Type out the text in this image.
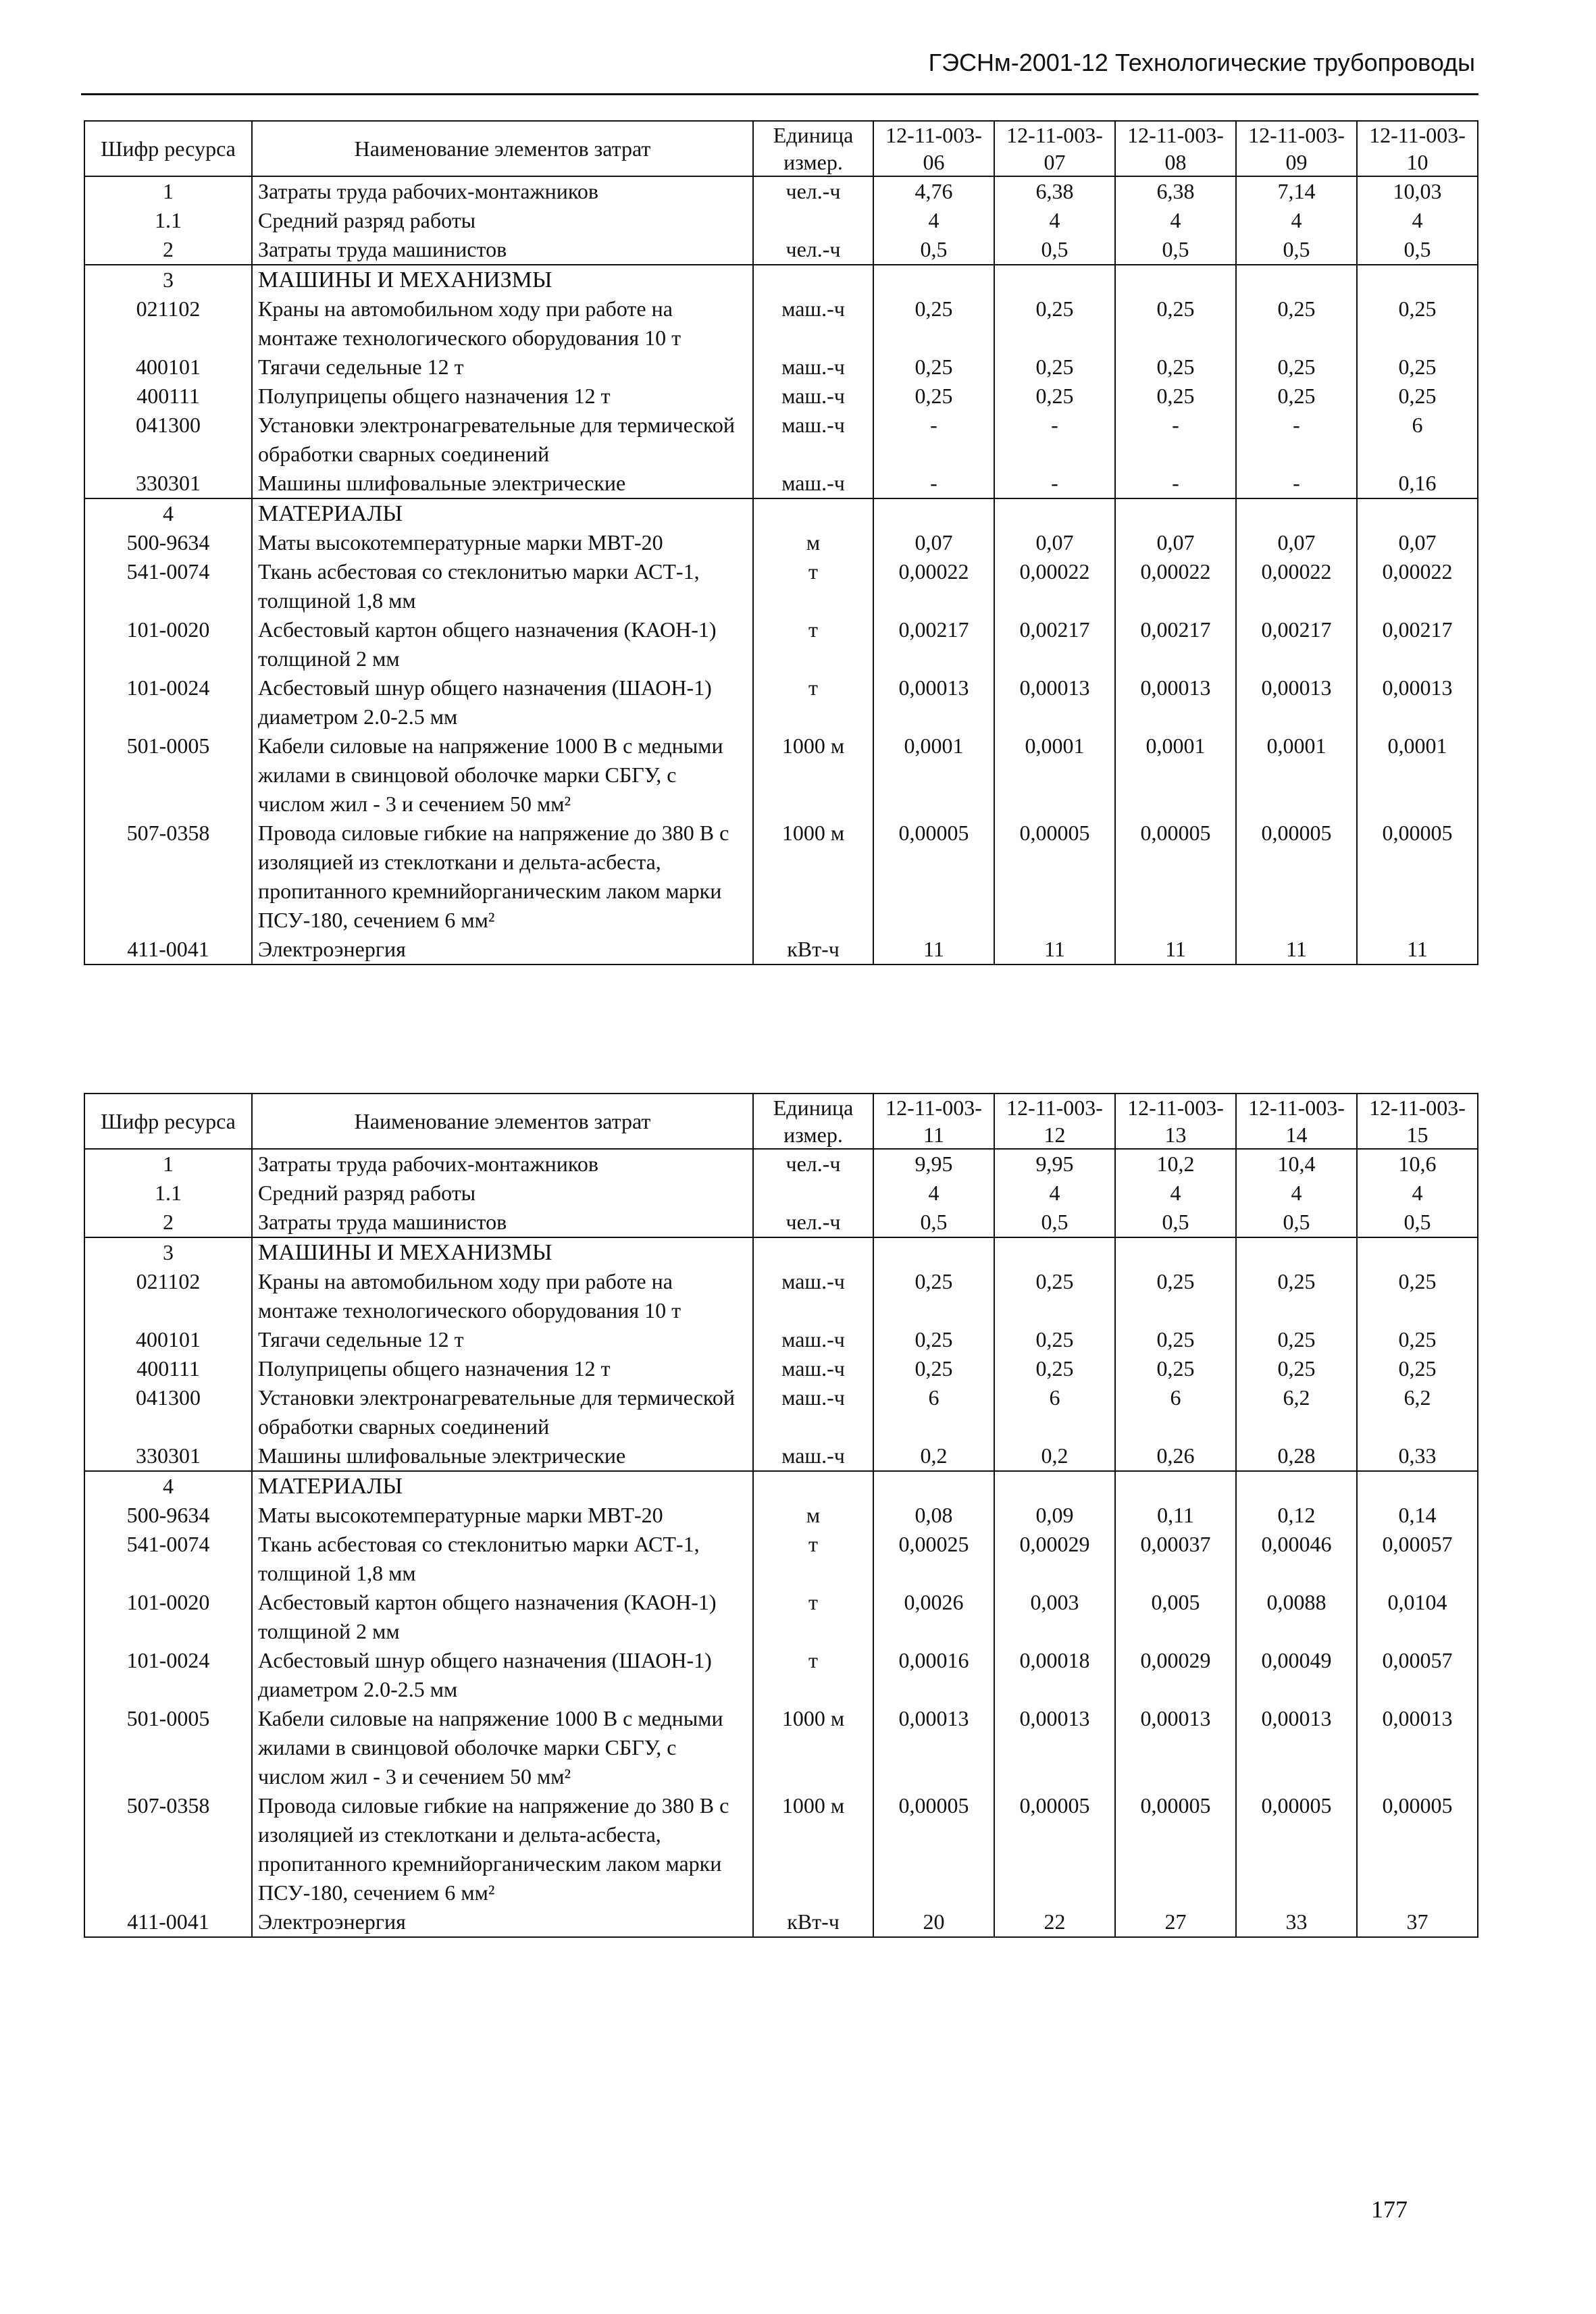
ГЭСНм-2001-12 Технологические трубопроводы
Шифр ресурса	Наименование элементов затрат	Единица измер.	12-11-003-06	12-11-003-07	12-11-003-08	12-11-003-09	12-11-003-10
1	Затраты труда рабочих-монтажников	чел.-ч	4,76	6,38	6,38	7,14	10,03
1.1	Средний разряд работы		4	4	4	4	4
2	Затраты труда машинистов	чел.-ч	0,5	0,5	0,5	0,5	0,5
3	МАШИНЫ И МЕХАНИЗМЫ						
021102	Краны на автомобильном ходу при работе на монтаже технологического оборудования 10 т	маш.-ч	0,25	0,25	0,25	0,25	0,25
400101	Тягачи седельные 12 т	маш.-ч	0,25	0,25	0,25	0,25	0,25
400111	Полуприцепы общего назначения 12 т	маш.-ч	0,25	0,25	0,25	0,25	0,25
041300	Установки электронагревательные для термической обработки сварных соединений	маш.-ч	-	-	-	-	6
330301	Машины шлифовальные электрические	маш.-ч	-	-	-	-	0,16
4	МАТЕРИАЛЫ						
500-9634	Маты высокотемпературные марки МВТ-20	м	0,07	0,07	0,07	0,07	0,07
541-0074	Ткань асбестовая со стеклонитью марки АСТ-1, толщиной 1,8 мм	т	0,00022	0,00022	0,00022	0,00022	0,00022
101-0020	Асбестовый картон общего назначения (КАОН-1) толщиной 2 мм	т	0,00217	0,00217	0,00217	0,00217	0,00217
101-0024	Асбестовый шнур общего назначения (ШАОН-1) диаметром 2.0-2.5 мм	т	0,00013	0,00013	0,00013	0,00013	0,00013
501-0005	Кабели силовые на напряжение 1000 В с медными жилами в свинцовой оболочке марки СБГУ, с числом жил - 3 и сечением 50 мм²	1000 м	0,0001	0,0001	0,0001	0,0001	0,0001
507-0358	Провода силовые гибкие на напряжение до 380 В с изоляцией из стеклоткани и дельта-асбеста, пропитанного кремнийорганическим лаком марки ПСУ-180, сечением 6 мм²	1000 м	0,00005	0,00005	0,00005	0,00005	0,00005
411-0041	Электроэнергия	кВт-ч	11	11	11	11	11
Шифр ресурса	Наименование элементов затрат	Единица измер.	12-11-003-11	12-11-003-12	12-11-003-13	12-11-003-14	12-11-003-15
1	Затраты труда рабочих-монтажников	чел.-ч	9,95	9,95	10,2	10,4	10,6
1.1	Средний разряд работы		4	4	4	4	4
2	Затраты труда машинистов	чел.-ч	0,5	0,5	0,5	0,5	0,5
3	МАШИНЫ И МЕХАНИЗМЫ						
021102	Краны на автомобильном ходу при работе на монтаже технологического оборудования 10 т	маш.-ч	0,25	0,25	0,25	0,25	0,25
400101	Тягачи седельные 12 т	маш.-ч	0,25	0,25	0,25	0,25	0,25
400111	Полуприцепы общего назначения 12 т	маш.-ч	0,25	0,25	0,25	0,25	0,25
041300	Установки электронагревательные для термической обработки сварных соединений	маш.-ч	6	6	6	6,2	6,2
330301	Машины шлифовальные электрические	маш.-ч	0,2	0,2	0,26	0,28	0,33
4	МАТЕРИАЛЫ						
500-9634	Маты высокотемпературные марки МВТ-20	м	0,08	0,09	0,11	0,12	0,14
541-0074	Ткань асбестовая со стеклонитью марки АСТ-1, толщиной 1,8 мм	т	0,00025	0,00029	0,00037	0,00046	0,00057
101-0020	Асбестовый картон общего назначения (КАОН-1) толщиной 2 мм	т	0,0026	0,003	0,005	0,0088	0,0104
101-0024	Асбестовый шнур общего назначения (ШАОН-1) диаметром 2.0-2.5 мм	т	0,00016	0,00018	0,00029	0,00049	0,00057
501-0005	Кабели силовые на напряжение 1000 В с медными жилами в свинцовой оболочке марки СБГУ, с числом жил - 3 и сечением 50 мм²	1000 м	0,00013	0,00013	0,00013	0,00013	0,00013
507-0358	Провода силовые гибкие на напряжение до 380 В с изоляцией из стеклоткани и дельта-асбеста, пропитанного кремнийорганическим лаком марки ПСУ-180, сечением 6 мм²	1000 м	0,00005	0,00005	0,00005	0,00005	0,00005
411-0041	Электроэнергия	кВт-ч	20	22	27	33	37
177
